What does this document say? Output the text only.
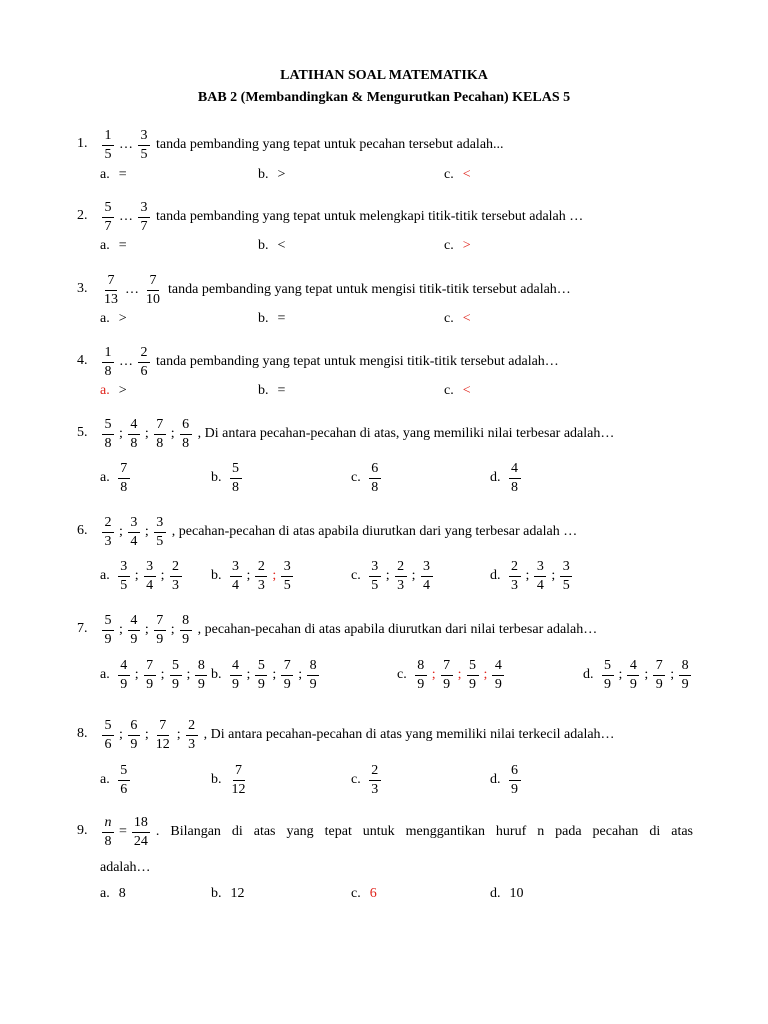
LATIHAN SOAL MATEMATIKA
BAB 2 (Membandingkan & Mengurutkan Pecahan) KELAS 5
1. $\frac{1}{5}$ … $\frac{3}{5}$ tanda pembanding yang tepat untuk pecahan tersebut adalah...
a. =	b. >	c. <
2. $\frac{5}{7}$ … $\frac{3}{7}$ tanda pembanding yang tepat untuk melengkapi titik-titik tersebut adalah …
a. =	b. <	c. >
3. $\frac{7}{13}$ … $\frac{7}{10}$ tanda pembanding yang tepat untuk mengisi titik-titik tersebut adalah…
a. >	b. =	c. <
4. $\frac{1}{8}$ … $\frac{2}{6}$ tanda pembanding yang tepat untuk mengisi titik-titik tersebut adalah…
a. >	b. =	c. <
5. $\frac{5}{8}$ ; $\frac{4}{8}$ ; $\frac{7}{8}$ ; $\frac{6}{8}$ , Di antara pecahan-pecahan di atas, yang memiliki nilai terbesar adalah…
a. $\frac{7}{8}$	b. $\frac{5}{8}$	c. $\frac{6}{8}$	d. $\frac{4}{8}$
6. $\frac{2}{3}$ ; $\frac{3}{4}$ ; $\frac{3}{5}$ , pecahan-pecahan di atas apabila diurutkan dari yang terbesar adalah …
a. $\frac{3}{5}$ ; $\frac{3}{4}$ ; $\frac{2}{3} b$. $\frac{3}{4}$ ; $\frac{2}{3}$ ; $\frac{3}{5}$	c. $\frac{3}{5}$ ; $\frac{2}{3}$ ; $\frac{3}{4}$	d. $\frac{2}{3}$ ; $\frac{3}{4}$ ; $\frac{3}{5}$
7. $\frac{5}{9}$ ; $\frac{4}{9}$ ; $\frac{7}{9}$ ; $\frac{8}{9}$ , pecahan-pecahan di atas apabila diurutkan dari nilai terbesar adalah…
a. $\frac{4}{9}$ ; $\frac{7}{9}$ ; $\frac{5}{9}$ ; $\frac{8}{9} b$. $\frac{4}{9}$ ; $\frac{5}{9}$ ; $\frac{7}{9}$ ; $\frac{8}{9}$	c. $\frac{8}{9}$ ; $\frac{7}{9}$ ; $\frac{5}{9}$ ; $\frac{4}{9}$	d. $\frac{5}{9}$ ; $\frac{4}{9}$ ; $\frac{7}{9}$ ; $\frac{8}{9}$
8. $\frac{5}{6}$ ; $\frac{6}{9}$ ; $\frac{7}{12}$ ; $\frac{2}{3}$ , Di antara pecahan-pecahan di atas yang memiliki nilai terkecil adalah…
a. $\frac{5}{6}$	b. $\frac{7}{12}$	c. $\frac{2}{3}$	d. $\frac{6}{9}$
9. $\frac{n}{8} = \frac{18}{24}$ . Bilangan di atas yang tepat untuk menggantikan huruf n pada pecahan di atas
adalah…
a. 8	b. 12	c. 6	d. 10
